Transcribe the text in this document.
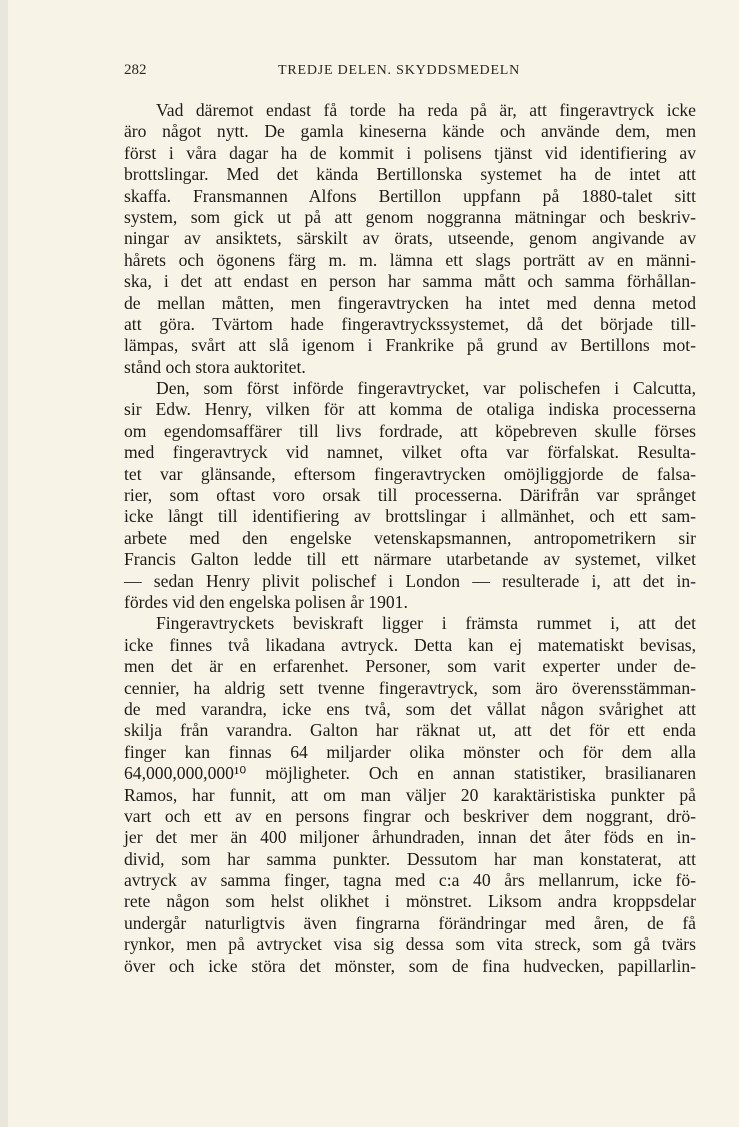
282	TREDJE DELEN. SKYDDSMEDELN
Vad däremot endast få torde ha reda på är, att fingeravtryck icke
äro något nytt. De gamla kineserna kände och använde dem, men
först i våra dagar ha de kommit i polisens tjänst vid identifiering av
brottslingar. Med det kända Bertillonska systemet ha de intet att
skaffa. Fransmannen Alfons Bertillon uppfann på 1880-talet sitt
system, som gick ut på att genom noggranna mätningar och beskriv-
ningar av ansiktets, särskilt av örats, utseende, genom angivande av
hårets och ögonens färg m. m. lämna ett slags porträtt av en männi-
ska, i det att endast en person har samma mått och samma förhållan-
de mellan måtten, men fingeravtrycken ha intet med denna metod
att göra. Tvärtom hade fingeravtryckssystemet, då det började till-
lämpas, svårt att slå igenom i Frankrike på grund av Bertillons mot-
stånd och stora auktoritet.
Den, som först införde fingeravtrycket, var polischefen i Calcutta,
sir Edw. Henry, vilken för att komma de otaliga indiska processerna
om egendomsaffärer till livs fordrade, att köpebreven skulle förses
med fingeravtryck vid namnet, vilket ofta var förfalskat. Resulta-
tet var glänsande, eftersom fingeravtrycken omöjliggjorde de falsa-
rier, som oftast voro orsak till processerna. Därifrån var språnget
icke långt till identifiering av brottslingar i allmänhet, och ett sam-
arbete med den engelske vetenskapsmannen, antropometrikern sir
Francis Galton ledde till ett närmare utarbetande av systemet, vilket
— sedan Henry plivit polischef i London — resulterade i, att det in-
fördes vid den engelska polisen år 1901.
Fingeravtryckets beviskraft ligger i främsta rummet i, att det
icke finnes två likadana avtryck. Detta kan ej matematiskt bevisas,
men det är en erfarenhet. Personer, som varit experter under de-
cennier, ha aldrig sett tvenne fingeravtryck, som äro överensstämman-
de med varandra, icke ens två, som det vållat någon svårighet att
skilja från varandra. Galton har räknat ut, att det för ett enda
finger kan finnas 64 miljarder olika mönster och för dem alla
64,000,000,000¹⁰ möjligheter. Och en annan statistiker, brasilianaren
Ramos, har funnit, att om man väljer 20 karaktäristiska punkter på
vart och ett av en persons fingrar och beskriver dem noggrant, drö-
jer det mer än 400 miljoner århundraden, innan det åter föds en in-
divid, som har samma punkter. Dessutom har man konstaterat, att
avtryck av samma finger, tagna med c:a 40 års mellanrum, icke fö-
rete någon som helst olikhet i mönstret. Liksom andra kroppsdelar
undergår naturligtvis även fingrarna förändringar med åren, de få
rynkor, men på avtrycket visa sig dessa som vita streck, som gå tvärs
över och icke störa det mönster, som de fina hudvecken, papillarlin-
